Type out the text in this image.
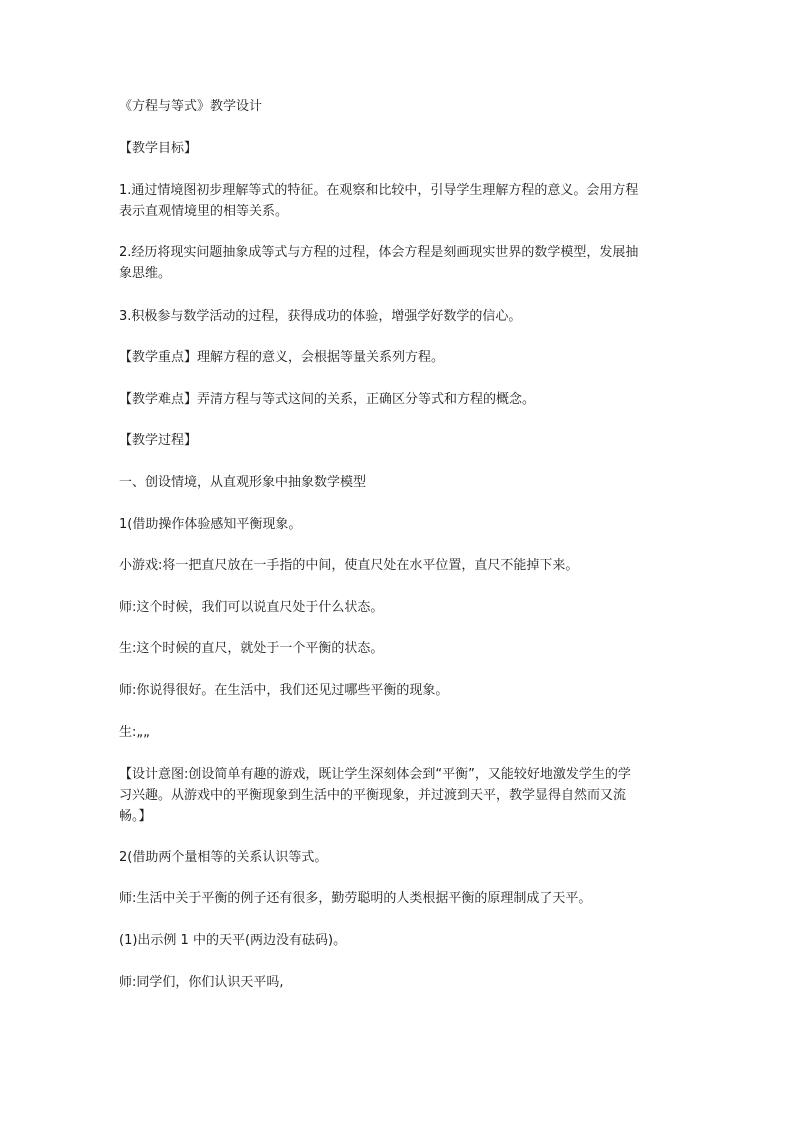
《方程与等式》教学设计
【教学目标】
1.通过情境图初步理解等式的特征。在观察和比较中，引导学生理解方程的意义。会用方程
表示直观情境里的相等关系。
2.经历将现实问题抽象成等式与方程的过程，体会方程是刻画现实世界的数学模型，发展抽
象思维。
3.积极参与数学活动的过程，获得成功的体验，增强学好数学的信心。
【教学重点】理解方程的意义，会根据等量关系列方程。
【教学难点】弄清方程与等式这间的关系，正确区分等式和方程的概念。
【教学过程】
一、创设情境，从直观形象中抽象数学模型
1(借助操作体验感知平衡现象。
小游戏:将一把直尺放在一手指的中间，使直尺处在水平位置，直尺不能掉下来。
师:这个时候，我们可以说直尺处于什么状态。
生:这个时候的直尺，就处于一个平衡的状态。
师:你说得很好。在生活中，我们还见过哪些平衡的现象。
生:„„
【设计意图:创设简单有趣的游戏，既让学生深刻体会到“平衡”，又能较好地激发学生的学
习兴趣。从游戏中的平衡现象到生活中的平衡现象，并过渡到天平，教学显得自然而又流
畅。】
2(借助两个量相等的关系认识等式。
师:生活中关于平衡的例子还有很多，勤劳聪明的人类根据平衡的原理制成了天平。
(1)出示例 1 中的天平(两边没有砝码)。
师:同学们，你们认识天平吗,
